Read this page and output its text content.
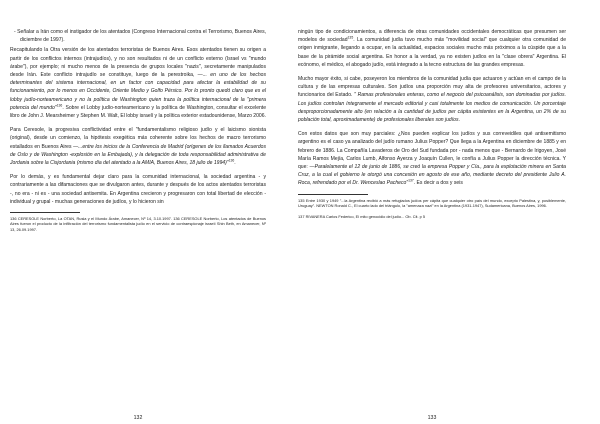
- Señalar a Irán como el instigador de los atentados (Congreso Internacional contra el Terrorismo, Buenos Aires, diciembre de 1997).

Recapitulando la Otra versión de los atentados terroristas de Buenos Aires. Esos atentados tienen su origen a partir de los conflictos internos (intrajudíos), y no son resultados ni de un conflicto externo (Israel vs "mundo árabe"), por ejemplo; ni mucho menos de la presencia de grupos locales "nazis", secretamente manipulados desde Irán. Este conflicto intrajudío se constituye, luego de la perestroika, —... en uno de los hechos determinantes del sistema internacional, en un factor con capacidad para afectar la estabilidad de su funcionamiento, por lo menos en Occidente, Oriente Medio y Golfo Pérsico. Por lo pronto quedó claro que es el lobby judío-norteamericano y no la política de Washington quien traza la política internacional de la "primera potencia del mundo"$^{136}$. Sobre el Lobby judío-norteamericano y la política de Washington, consultar el excelente libro de John J. Mearsheimer y Stephen M. Walt, El lobby israelí y la política exterior estadounidense, Marzo 2006.

Para Ceresole, la progresiva conflictividad entre el "fundamentalismo religioso judío y el laicismo sionista (original), desde un comienzo, la hipótesis exegética más coherente sobre los hechos de macro terrorismo estallados en Buenos Aires —...entre los inicios de la Conferencia de Madrid (orígenes de los llamados Acuerdos de Oslo y de Washington -explosión en la Embajada), y la delegación de toda responsabilidad administrativa de Jordania sobre la Cisjordania (mismo día del atentado a la AMIA, Buenos Aires, 18 julio de 1994)"$^{136}$.

Por lo demás, y es fundamental dejar claro para la comunidad internacional, la sociedad argentina - y contrariamente a las difamaciones que se divulgaron antes, durante y después de los actos atentados terroristas -, no era - ni es - una sociedad antisemita. En Argentina crecieron y progresaron con total libertad de elección - individual y grupal - muchas generaciones de judíos, y lo hicieron sin

136 CERESOLE Norberto, La OTAN, Rusia y el Mundo Árabe, Amanecer, Nº 14, 3.10.1997. 136 CERESOLE Norberto, Los atentados de Buenos Aires fueron el producto de la infiltración del terrorismo fundamentalista judío en el servicio de contraespionaje israelí Shin Beth, en Amanecer, Nº 13, 26.09.1997.

132

ningún tipo de condicionamientos, a diferencia de otras comunidades occidentales democráticas que presumen ser modelos de sociedad$^{135}$. La comunidad judía tuvo mucho más "movilidad social" que cualquier otra comunidad de origen inmigrante, llegando a ocupar, en la actualidad, espacios sociales mucho más próximos a la cúspide que a la base de la pirámide social argentina. En honor a la verdad, ya no existen judíos en la "clase obrera" Argentina. El ecónomo, el médico, el abogado judío, está integrado a la tecno estructura de las grandes empresas.

Mucho mayor éxito, si cabe, poseyeron los miembros de la comunidad judía que actuaron y actúan en el campo de la cultura y de las empresas culturales. Son judíos una proporción muy alta de profesores universitarios, actores y funcionarios del Estado. " Ramas profesionales enteras, como el negocio del psicoanálisis, son dominadas por judíos. Los judíos controlan íntegramente el mercado editorial y casi totalmente los medios de comunicación. Un porcentaje desproporcionadamente alto (en relación a la cantidad de judíos per cápita existentes en la Argentina, un 2% de su población total, aproximadamente) de profesionales liberales son judíos.

Con estos datos que son muy parciales: ¿Nos pueden explicar los judíos y sus correveidiles qué antisemitismo argentino es el caso ya analizado del judío rumano Julius Popper? Que llega a la Argentina en diciembre de 1885 y en febrero de 1886. La Compañía Lavaderos de Oro del Sud fundada por - nada menos que - Bernardo de Irigoyen, José María Ramos Mejía, Carlos Lumb, Alfonso Ayerza y Joaquín Cullen, le confía a Julius Popper la dirección técnica. Y que: —Paralelamente el 12 de junio de 1886, se creó la empresa Popper y Cía., para la explotación minera en Santa Cruz, a la cual el gobierno le otorgó una concesión en agosto de ese año, mediante decreto del presidente Julio A. Roca, refrendado por el Dr. Wenceslao Pacheco"$^{137}$. Es decir a dos y seis

135 Entre 1930 y 1949 "...la Argentina recibió a más refugiados judíos per cápita que cualquier otro país del mundo, excepto Palestina, y, posiblemente, Uruguay". NEWTON Ronald C., El cuarto lado del triángulo, la "amenaza nazi" en la Argentina (1931-1947), Sudamericana, Buenos Aires, 1996.

137 RIVANERA Carlos Federico, El mito genocidio del judío... Ob. Cit. p 5

133
